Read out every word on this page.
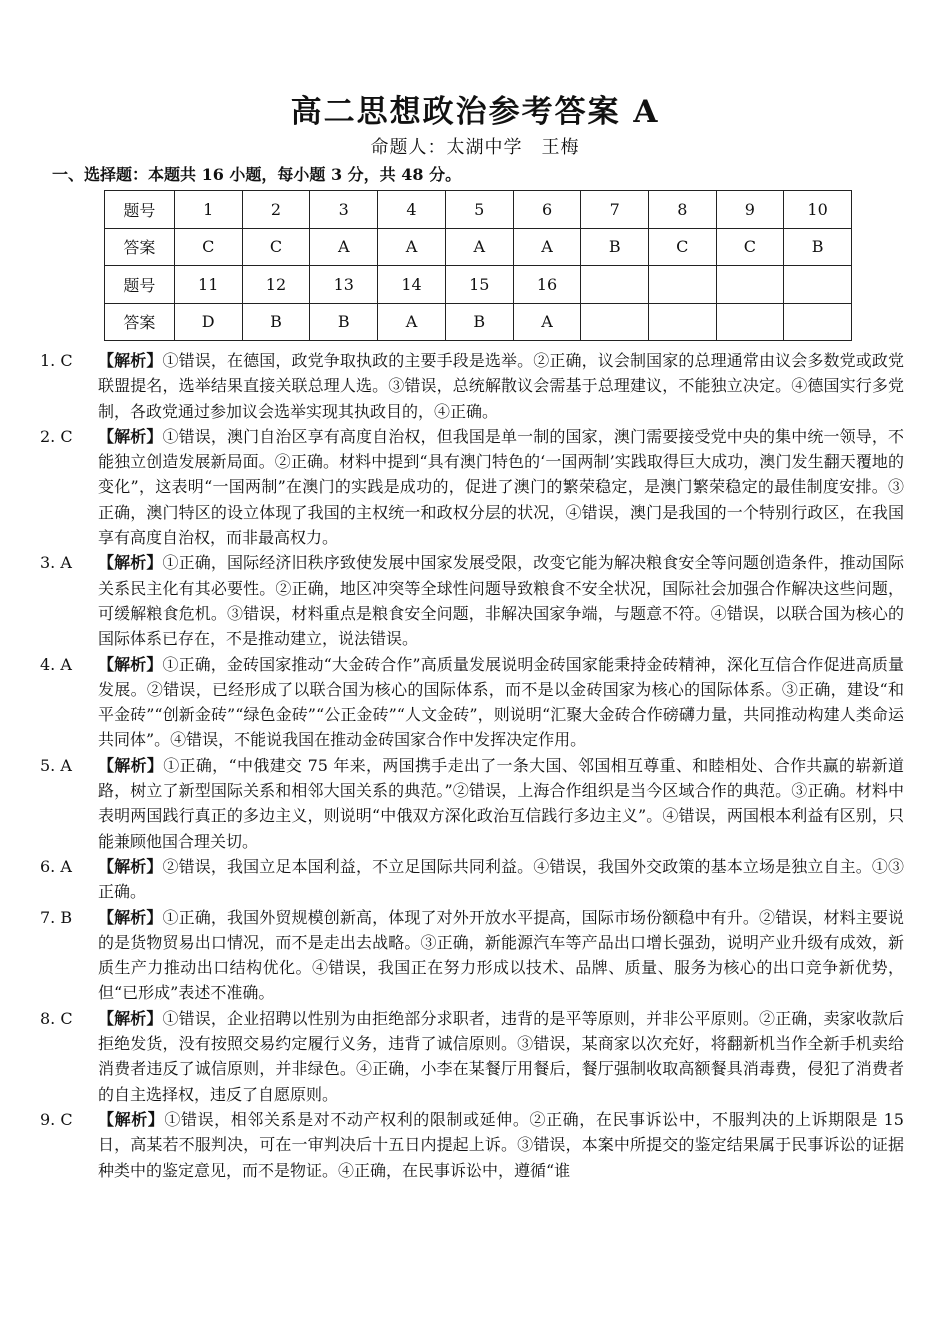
高二思想政治参考答案 A
命题人：太湖中学　王梅
一、选择题：本题共 16 小题，每小题 3 分，共 48 分。
题号	1	2	3	4	5	6	7	8	9	10
答案	C	C	A	A	A	A	B	C	C	B
题号	11	12	13	14	15	16				
答案	D	B	B	A	B	A				

1. C 【解析】①错误，在德国，政党争取执政的主要手段是选举。②正确，议会制国家的总理通常由议会多数党或政党联盟提名，选举结果直接关联总理人选。③错误，总统解散议会需基于总理建议，不能独立决定。④德国实行多党制，各政党通过参加议会选举实现其执政目的，④正确。

2. C 【解析】①错误，澳门自治区享有高度自治权，但我国是单一制的国家，澳门需要接受党中央的集中统一领导，不能独立创造发展新局面。②正确。材料中提到“具有澳门特色的‘一国两制’实践取得巨大成功，澳门发生翻天覆地的变化”，这表明“一国两制”在澳门的实践是成功的，促进了澳门的繁荣稳定，是澳门繁荣稳定的最佳制度安排。③正确，澳门特区的设立体现了我国的主权统一和政权分层的状况，④错误，澳门是我国的一个特别行政区，在我国享有高度自治权，而非最高权力。

3. A 【解析】①正确，国际经济旧秩序致使发展中国家发展受限，改变它能为解决粮食安全等问题创造条件，推动国际关系民主化有其必要性。②正确，地区冲突等全球性问题导致粮食不安全状况，国际社会加强合作解决这些问题，可缓解粮食危机。③错误，材料重点是粮食安全问题，非解决国家争端，与题意不符。④错误，以联合国为核心的国际体系已存在，不是推动建立，说法错误。

4. A 【解析】①正确，金砖国家推动“大金砖合作”高质量发展说明金砖国家能秉持金砖精神，深化互信合作促进高质量发展。②错误，已经形成了以联合国为核心的国际体系，而不是以金砖国家为核心的国际体系。③正确，建设“和平金砖”“创新金砖”“绿色金砖”“公正金砖”“人文金砖”，则说明“汇聚大金砖合作磅礴力量，共同推动构建人类命运共同体”。④错误，不能说我国在推动金砖国家合作中发挥决定作用。

5. A 【解析】①正确，“中俄建交 75 年来，两国携手走出了一条大国、邻国相互尊重、和睦相处、合作共赢的崭新道路，树立了新型国际关系和相邻大国关系的典范。”②错误，上海合作组织是当今区域合作的典范。③正确。材料中表明两国践行真正的多边主义，则说明“中俄双方深化政治互信践行多边主义”。④错误，两国根本利益有区别，只能兼顾他国合理关切。

6. A 【解析】②错误，我国立足本国利益，不立足国际共同利益。④错误，我国外交政策的基本立场是独立自主。①③正确。

7. B 【解析】①正确，我国外贸规模创新高，体现了对外开放水平提高，国际市场份额稳中有升。②错误，材料主要说的是货物贸易出口情况，而不是走出去战略。③正确，新能源汽车等产品出口增长强劲，说明产业升级有成效，新质生产力推动出口结构优化。④错误，我国正在努力形成以技术、品牌、质量、服务为核心的出口竞争新优势，但“已形成”表述不准确。

8. C 【解析】①错误，企业招聘以性别为由拒绝部分求职者，违背的是平等原则，并非公平原则。②正确，卖家收款后拒绝发货，没有按照交易约定履行义务，违背了诚信原则。③错误，某商家以次充好，将翻新机当作全新手机卖给消费者违反了诚信原则，并非绿色。④正确，小李在某餐厅用餐后，餐厅强制收取高额餐具消毒费，侵犯了消费者的自主选择权，违反了自愿原则。

9. C 【解析】①错误，相邻关系是对不动产权利的限制或延伸。②正确，在民事诉讼中，不服判决的上诉期限是 15 日，高某若不服判决，可在一审判决后十五日内提起上诉。③错误，本案中所提交的鉴定结果属于民事诉讼的证据种类中的鉴定意见，而不是物证。④正确，在民事诉讼中，遵循“谁
